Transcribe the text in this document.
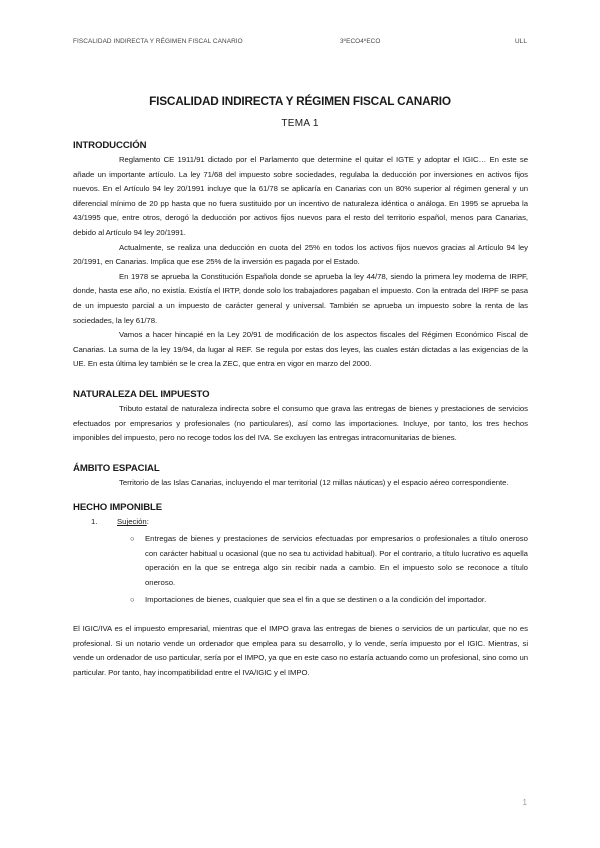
FISCALIDAD INDIRECTA Y RÉGIMEN FISCAL CANARIO	3ºECO4ºECO	ULL
FISCALIDAD INDIRECTA Y RÉGIMEN FISCAL CANARIO
TEMA 1
INTRODUCCIÓN

Reglamento CE 1911/91 dictado por el Parlamento que determine el quitar el IGTE y adoptar el IGIC… En este se añade un importante artículo. La ley 71/68 del impuesto sobre sociedades, regulaba la deducción por inversiones en activos fijos nuevos. En el Artículo 94 ley 20/1991 incluye que la 61/78 se aplicaría en Canarias con un 80% superior al régimen general y un diferencial mínimo de 20 pp hasta que no fuera sustituido por un incentivo de naturaleza idéntica o análoga. En 1995 se aprueba la 43/1995 que, entre otros, derogó la deducción por activos fijos nuevos para el resto del territorio español, menos para Canarias, debido al Artículo 94 ley 20/1991.

Actualmente, se realiza una deducción en cuota del 25% en todos los activos fijos nuevos gracias al Artículo 94 ley 20/1991, en Canarias. Implica que ese 25% de la inversión es pagada por el Estado.

En 1978 se aprueba la Constitución Española donde se aprueba la ley 44/78, siendo la primera ley moderna de IRPF, donde, hasta ese año, no existía. Existía el IRTP, donde solo los trabajadores pagaban el impuesto. Con la entrada del IRPF se pasa de un impuesto parcial a un impuesto de carácter general y universal. También se aprueba un impuesto sobre la renta de las sociedades, la ley 61/78.

Vamos a hacer hincapié en la Ley 20/91 de modificación de los aspectos fiscales del Régimen Económico Fiscal de Canarias. La suma de la ley 19/94, da lugar al REF. Se regula por estas dos leyes, las cuales están dictadas a las exigencias de la UE. En esta última ley también se le crea la ZEC, que entra en vigor en marzo del 2000.

NATURALEZA DEL IMPUESTO

Tributo estatal de naturaleza indirecta sobre el consumo que grava las entregas de bienes y prestaciones de servicios efectuados por empresarios y profesionales (no particulares), así como las importaciones. Incluye, por tanto, los tres hechos imponibles del impuesto, pero no recoge todos los del IVA. Se excluyen las entregas intracomunitarias de bienes.

ÁMBITO ESPACIAL

Territorio de las Islas Canarias, incluyendo el mar territorial (12 millas náuticas) y el espacio aéreo correspondiente.

HECHO IMPONIBLE
1.	Sujeción:
○ Entregas de bienes y prestaciones de servicios efectuadas por empresarios o profesionales a título oneroso con carácter habitual u ocasional (que no sea tu actividad habitual). Por el contrario, a título lucrativo es aquella operación en la que se entrega algo sin recibir nada a cambio. En el impuesto solo se reconoce a título oneroso.
○ Importaciones de bienes, cualquier que sea el fin a que se destinen o a la condición del importador.

El IGIC/IVA es el impuesto empresarial, mientras que el IMPO grava las entregas de bienes o servicios de un particular, que no es profesional. Si un notario vende un ordenador que emplea para su desarrollo, y lo vende, sería impuesto por el IGIC. Mientras, si vende un ordenador de uso particular, sería por el IMPO, ya que en este caso no estaría actuando como un profesional, sino como un particular. Por tanto, hay incompatibilidad entre el IVA/IGIC y el IMPO.

1
